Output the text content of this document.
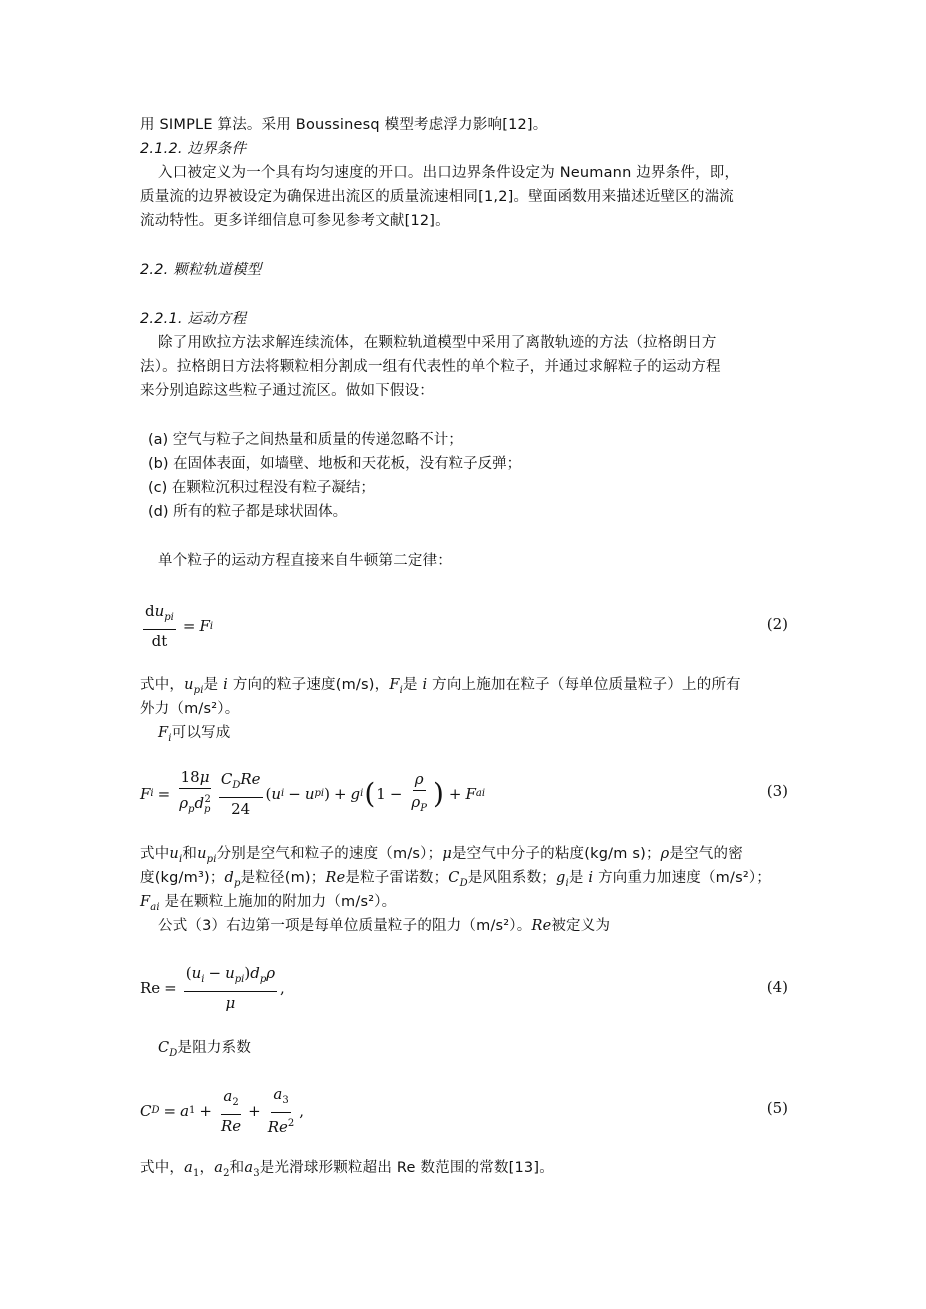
用 SIMPLE 算法。采用 Boussinesq 模型考虑浮力影响[12]。
2.1.2. 边界条件
入口被定义为一个具有均匀速度的开口。出口边界条件设定为 Neumann 边界条件，即，
质量流的边界被设定为确保进出流区的质量流速相同[1,2]。壁面函数用来描述近壁区的湍流
流动特性。更多详细信息可参见参考文献[12]。
2.2. 颗粒轨道模型
2.2.1. 运动方程
除了用欧拉方法求解连续流体，在颗粒轨道模型中采用了离散轨迹的方法（拉格朗日方
法）。拉格朗日方法将颗粒相分割成一组有代表性的单个粒子，并通过求解粒子的运动方程
来分别追踪这些粒子通过流区。做如下假设：
(a) 空气与粒子之间热量和质量的传递忽略不计；
(b) 在固体表面，如墙壁、地板和天花板，没有粒子反弹；
(c) 在颗粒沉积过程没有粒子凝结；
(d) 所有的粒子都是球状固体。
单个粒子的运动方程直接来自牛顿第二定律：
$\frac{du_{pi}}{dt} = F$ i	(2)
式中，$u_{pi}$是 i 方向的粒子速度(m/s)，$F_i$是 i 方向上施加在粒子（每单位质量粒子）上的所有
外力（m/s²）。
$F_i$可以写成
F $i = \frac{18\mu}{\rho_pd_p^2} \frac{C_DRe}{24}$ ( u i − u pi ) + g i ( $1 - \frac{\rho}{\rho_P}$ ) + F ai	(3)
式中$u_i$和$u_{pi}$分别是空气和粒子的速度（m/s）；μ是空气中分子的粘度(kg/m s)；ρ是空气的密
度(kg/m³)；$d_p$是粒径(m)；Re是粒子雷诺数；$C_D$是风阻系数；$g_i$是 i 方向重力加速度（m/s²）；
$F_{ai}$ 是在颗粒上施加的附加力（m/s²）。
公式（3）右边第一项是每单位质量粒子的阻力（m/s²）。Re被定义为
$Re = \frac{(u_i - u_{pi})d_p\rho}{\mu}$ ,	(4)
$C_D$是阻力系数
C D = a $1 + \frac{a_2}{Re} + \frac{a_3}{Re^2}$ ,	(5)
式中，$a_1$，$a_2$和$a_3$是光滑球形颗粒超出 Re 数范围的常数[13]。
